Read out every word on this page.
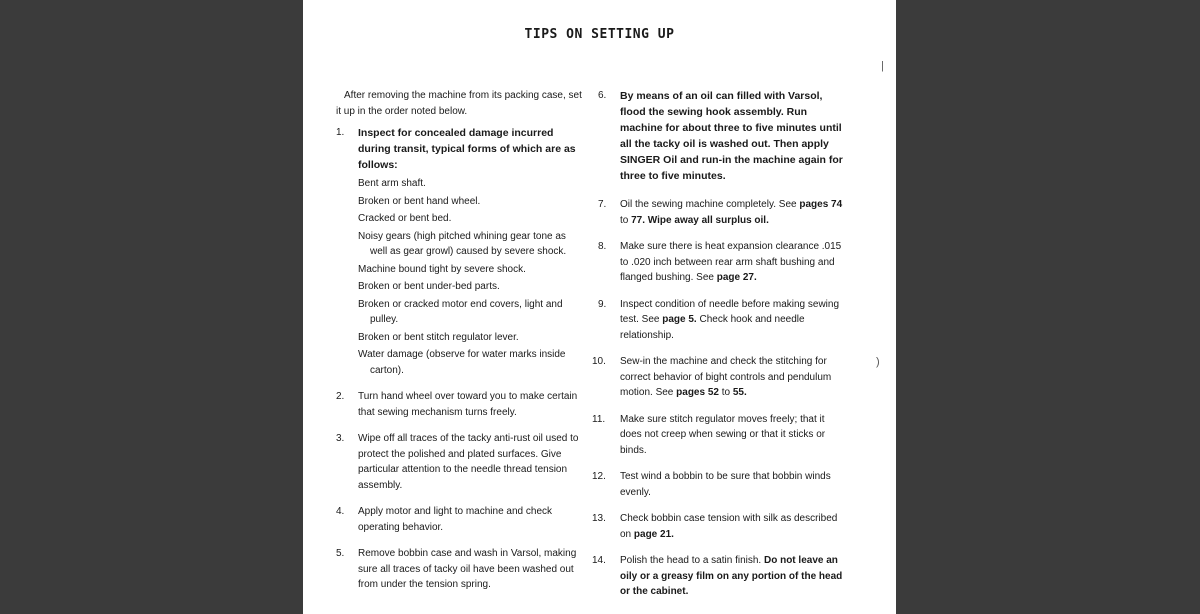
TIPS ON SETTING UP

After removing the machine from its packing case, set it up in the order noted below.

1. Inspect for concealed damage incurred during transit, typical forms of which are as follows:

Bent arm shaft.

Broken or bent hand wheel.

Cracked or bent bed.

Noisy gears (high pitched whining gear tone as well as gear growl) caused by severe shock.

Machine bound tight by severe shock.

Broken or bent under-bed parts.

Broken or cracked motor end covers, light and pulley.

Broken or bent stitch regulator lever.

Water damage (observe for water marks inside carton).

2. Turn hand wheel over toward you to make certain that sewing mechanism turns freely.

3. Wipe off all traces of the tacky anti-rust oil used to protect the polished and plated surfaces. Give particular attention to the needle thread tension assembly.

4. Apply motor and light to machine and check operating behavior.

5. Remove bobbin case and wash in Varsol, making sure all traces of tacky oil have been washed out from under the tension spring.

6. By means of an oil can filled with Varsol, flood the sewing hook assembly. Run machine for about three to five minutes until all the tacky oil is washed out. Then apply SINGER Oil and run-in the machine again for three to five minutes.

7. Oil the sewing machine completely. See pages 74 to 77. Wipe away all surplus oil.

8. Make sure there is heat expansion clearance .015 to .020 inch between rear arm shaft bushing and flanged bushing. See page 27.

9. Inspect condition of needle before making sewing test. See page 5. Check hook and needle relationship.

10. Sew-in the machine and check the stitching for correct behavior of bight controls and pendulum motion. See pages 52 to 55.

11. Make sure stitch regulator moves freely; that it does not creep when sewing or that it sticks or binds.

12. Test wind a bobbin to be sure that bobbin winds evenly.

13. Check bobbin case tension with silk as described on page 21.

14. Polish the head to a satin finish. Do not leave an oily or a greasy film on any portion of the head or the cabinet.

|
)
